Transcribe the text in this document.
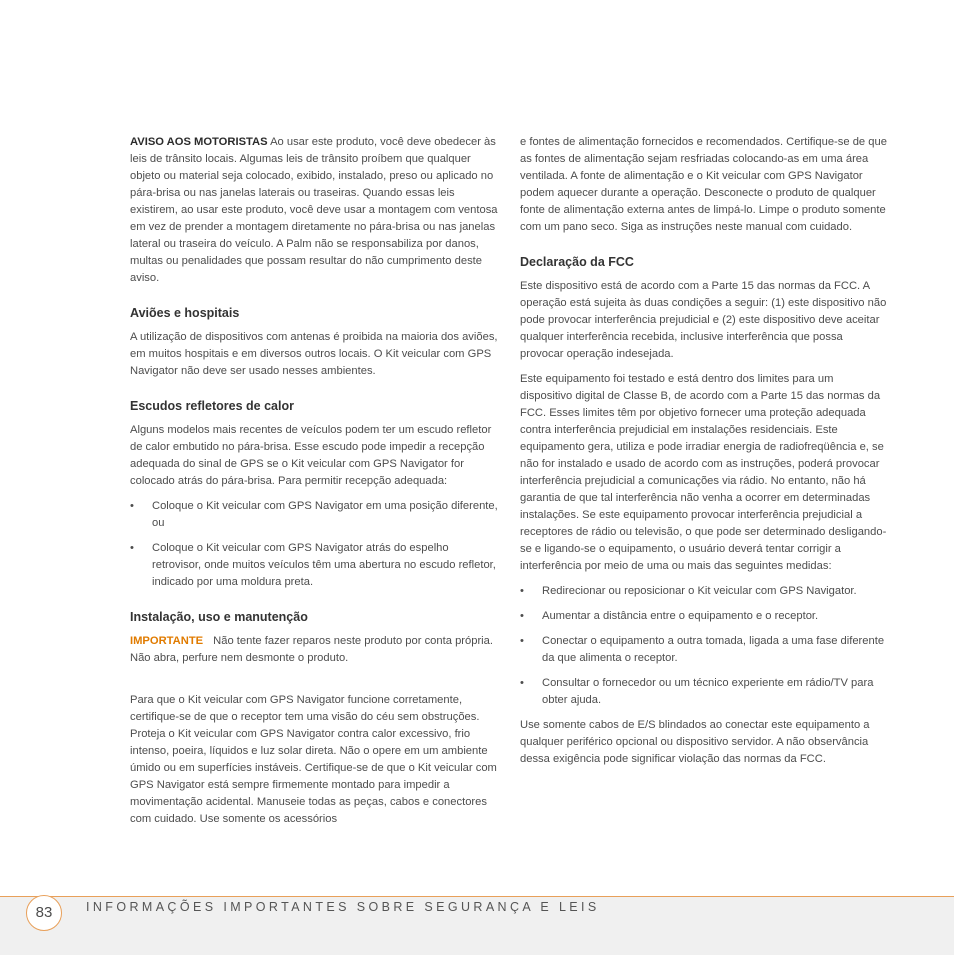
AVISO AOS MOTORISTAS Ao usar este produto, você deve obedecer às leis de trânsito locais. Algumas leis de trânsito proíbem que qualquer objeto ou material seja colocado, exibido, instalado, preso ou aplicado no pára-brisa ou nas janelas laterais ou traseiras. Quando essas leis existirem, ao usar este produto, você deve usar a montagem com ventosa em vez de prender a montagem diretamente no pára-brisa ou nas janelas lateral ou traseira do veículo. A Palm não se responsabiliza por danos, multas ou penalidades que possam resultar do não cumprimento deste aviso.

Aviões e hospitais

A utilização de dispositivos com antenas é proibida na maioria dos aviões, em muitos hospitais e em diversos outros locais. O Kit veicular com GPS Navigator não deve ser usado nesses ambientes.

Escudos refletores de calor

Alguns modelos mais recentes de veículos podem ter um escudo refletor de calor embutido no pára-brisa. Esse escudo pode impedir a recepção adequada do sinal de GPS se o Kit veicular com GPS Navigator for colocado atrás do pára-brisa. Para permitir recepção adequada:

• Coloque o Kit veicular com GPS Navigator em uma posição diferente, ou
• Coloque o Kit veicular com GPS Navigator atrás do espelho retrovisor, onde muitos veículos têm uma abertura no escudo refletor, indicado por uma moldura preta.
Instalação, uso e manutenção

IMPORTANTE Não tente fazer reparos neste produto por conta própria. Não abra, perfure nem desmonte o produto.

Para que o Kit veicular com GPS Navigator funcione corretamente, certifique-se de que o receptor tem uma visão do céu sem obstruções. Proteja o Kit veicular com GPS Navigator contra calor excessivo, frio intenso, poeira, líquidos e luz solar direta. Não o opere em um ambiente úmido ou em superfícies instáveis. Certifique-se de que o Kit veicular com GPS Navigator está sempre firmemente montado para impedir a movimentação acidental. Manuseie todas as peças, cabos e conectores com cuidado. Use somente os acessórios

e fontes de alimentação fornecidos e recomendados. Certifique-se de que as fontes de alimentação sejam resfriadas colocando-as em uma área ventilada. A fonte de alimentação e o Kit veicular com GPS Navigator podem aquecer durante a operação. Desconecte o produto de qualquer fonte de alimentação externa antes de limpá-lo. Limpe o produto somente com um pano seco. Siga as instruções neste manual com cuidado.

Declaração da FCC

Este dispositivo está de acordo com a Parte 15 das normas da FCC. A operação está sujeita às duas condições a seguir: (1) este dispositivo não pode provocar interferência prejudicial e (2) este dispositivo deve aceitar qualquer interferência recebida, inclusive interferência que possa provocar operação indesejada.

Este equipamento foi testado e está dentro dos limites para um dispositivo digital de Classe B, de acordo com a Parte 15 das normas da FCC. Esses limites têm por objetivo fornecer uma proteção adequada contra interferência prejudicial em instalações residenciais. Este equipamento gera, utiliza e pode irradiar energia de radiofreqüência e, se não for instalado e usado de acordo com as instruções, poderá provocar interferência prejudicial a comunicações via rádio. No entanto, não há garantia de que tal interferência não venha a ocorrer em determinadas instalações. Se este equipamento provocar interferência prejudicial a receptores de rádio ou televisão, o que pode ser determinado desligando-se e ligando-se o equipamento, o usuário deverá tentar corrigir a interferência por meio de uma ou mais das seguintes medidas:

• Redirecionar ou reposicionar o Kit veicular com GPS Navigator.
• Aumentar a distância entre o equipamento e o receptor.
• Conectar o equipamento a outra tomada, ligada a uma fase diferente da que alimenta o receptor.
• Consultar o fornecedor ou um técnico experiente em rádio/TV para obter ajuda.

Use somente cabos de E/S blindados ao conectar este equipamento a qualquer periférico opcional ou dispositivo servidor. A não observância dessa exigência pode significar violação das normas da FCC.

83	INFORMAÇÕES IMPORTANTES SOBRE SEGURANÇA E LEIS
